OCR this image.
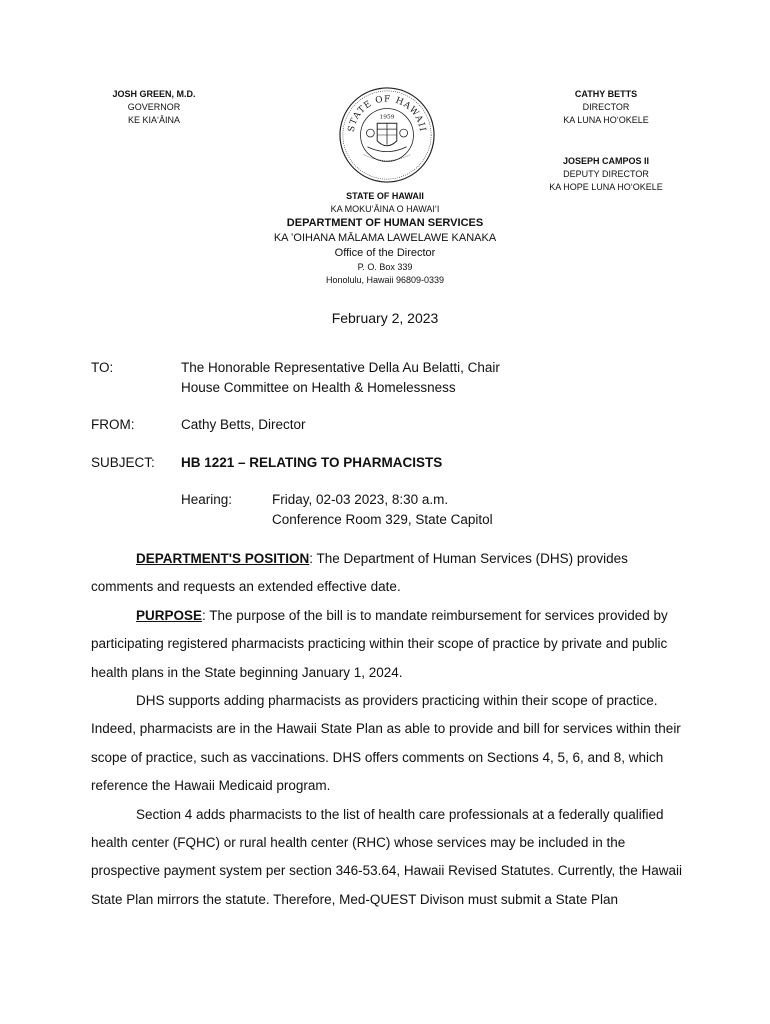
JOSH GREEN, M.D.
GOVERNOR
KE KIAʻĀINA
CATHY BETTS
DIRECTOR
KA LUNA HOʻOKELE
JOSEPH CAMPOS II
DEPUTY DIRECTOR
KA HOPE LUNA HOʻOKELE
STATE OF HAWAII
1959
STATE OF HAWAII
KA MOKUʻĀINA O HAWAIʻI
DEPARTMENT OF HUMAN SERVICES
KA ʻOIHANA MĀLAMA LAWELAWE KANAKA
Office of the Director
P. O. Box 339
Honolulu, Hawaii 96809-0339
February 2, 2023
TO:	The Honorable Representative Della Au Belatti, Chair
House Committee on Health & Homelessness
FROM:	Cathy Betts, Director
SUBJECT:	HB 1221 – RELATING TO PHARMACISTS
Hearing:	Friday, 02-03 2023, 8:30 a.m.
Conference Room 329, State Capitol

DEPARTMENT'S POSITION: The Department of Human Services (DHS) provides comments and requests an extended effective date.

PURPOSE: The purpose of the bill is to mandate reimbursement for services provided by participating registered pharmacists practicing within their scope of practice by private and public health plans in the State beginning January 1, 2024.

DHS supports adding pharmacists as providers practicing within their scope of practice. Indeed, pharmacists are in the Hawaii State Plan as able to provide and bill for services within their scope of practice, such as vaccinations. DHS offers comments on Sections 4, 5, 6, and 8, which reference the Hawaii Medicaid program.

Section 4 adds pharmacists to the list of health care professionals at a federally qualified health center (FQHC) or rural health center (RHC) whose services may be included in the prospective payment system per section 346-53.64, Hawaii Revised Statutes. Currently, the Hawaii State Plan mirrors the statute. Therefore, Med-QUEST Divison must submit a State Plan
